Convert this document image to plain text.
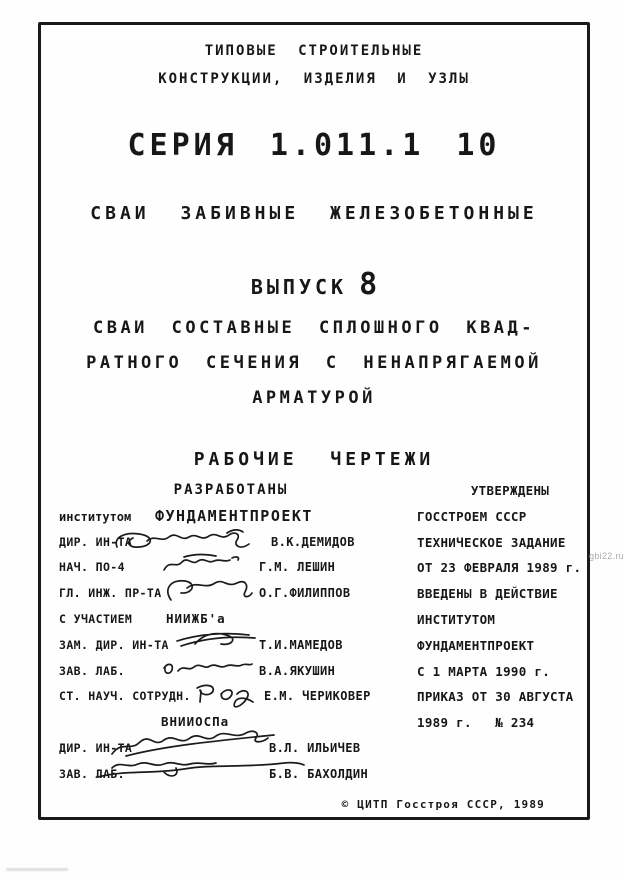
ТИПОВЫЕ СТРОИТЕЛЬНЫЕ
КОНСТРУКЦИИ, ИЗДЕЛИЯ И УЗЛЫ
СЕРИЯ 1.011.1 10
СВАИ ЗАБИВНЫЕ ЖЕЛЕЗОБЕТОННЫЕ
ВЫПУСК 8
СВАИ СОСТАВНЫЕ СПЛОШНОГО КВАД-
РАТНОГО СЕЧЕНИЯ С НЕНАПРЯГАЕМОЙ
АРМАТУРОЙ
РАБОЧИЕ ЧЕРТЕЖИ
РАЗРАБОТАНЫ
институтом ФУНДАМЕНТПРОЕКТ
ДИР. ИН-ТА	В.К.ДЕМИДОВ
НАЧ. ПО-4	Г.М. ЛЕШИН
ГЛ. ИНЖ. ПР-ТА	О.Г.ФИЛИППОВ
С УЧАСТИЕМ	НИИЖБ'а
ЗАМ. ДИР. ИН-ТА	Т.И.МАМЕДОВ
ЗАВ. ЛАБ.	В.А.ЯКУШИН
СТ. НАУЧ. СОТРУДН.	Е.М. ЧЕРИКОВЕР
ВНИИОСПа
ДИР. ИН-ТА	В.Л. ИЛЬИЧЕВ
ЗАВ. ЛАБ.	Б.В. БАХОЛДИН
УТВЕРЖДЕНЫ
ГОССТРОЕМ СССР
ТЕХНИЧЕСКОЕ ЗАДАНИЕ
ОТ 23 ФЕВРАЛЯ 1989 г.
ВВЕДЕНЫ В ДЕЙСТВИЕ
ИНСТИТУТОМ
ФУНДАМЕНТПРОЕКТ
С 1 МАРТА 1990 г.
ПРИКАЗ ОТ 30 АВГУСТА
1989 г.   № 234
© ЦИТП Госстроя СССР, 1989
gbi22.ru
